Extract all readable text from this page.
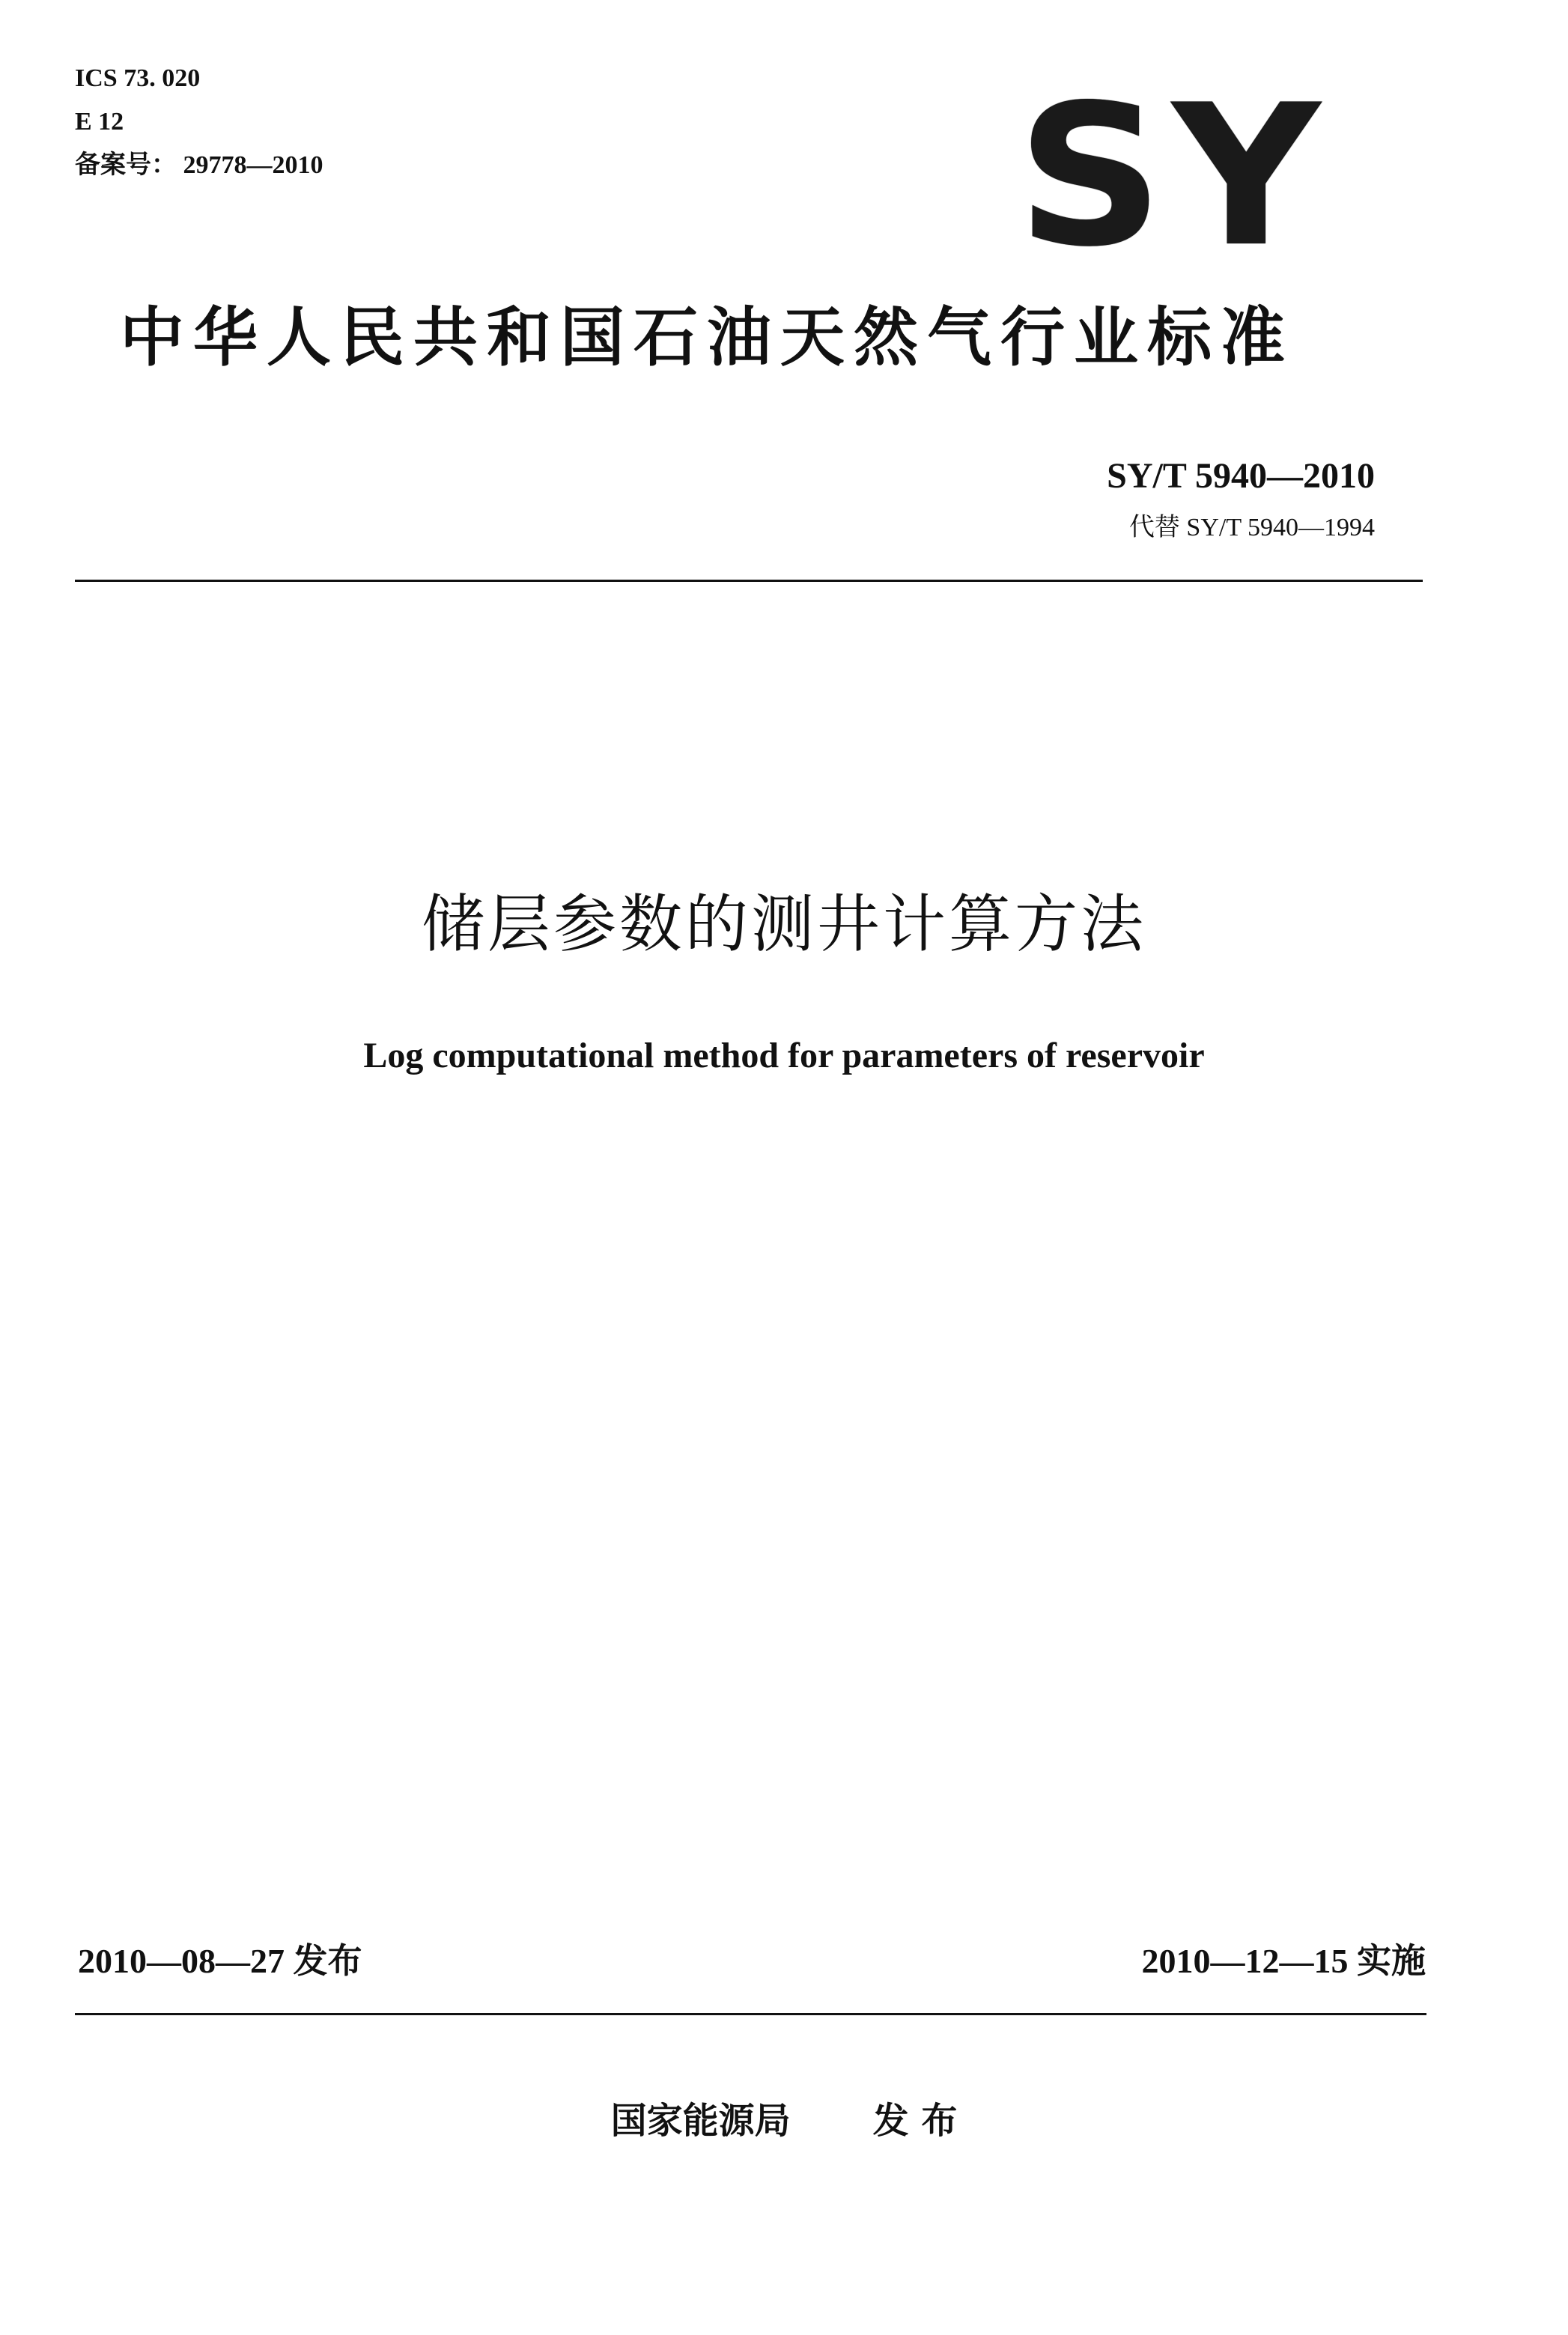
ICS 73. 020
E 12
备案号： 29778—2010	S Y
中华人民共和国石油天然气行业标准
SY/T 5940—2010
代替 SY/T 5940—1994
储层参数的测井计算方法
Log computational method for parameters of reservoir
2010—08—27 发布	2010—12—15 实施
国家能源局 发 布
